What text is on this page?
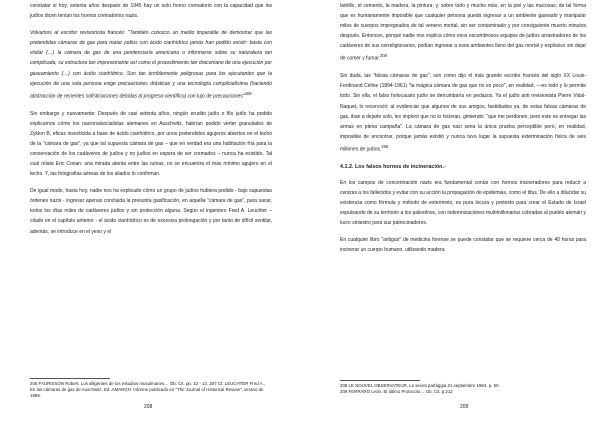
constatar sí hoy, setenta años después de 1945 hay un solo horno crematorio con la capacidad que los judíos dicen tenían los hornos crematorios nazis.

Volvamos al escritor revisionista francés: "También conozco un medio imparable de demostrar que las pretendidas cámaras de gas para matar judíos con ácido cianhídrico jamás han podido existir: basta con visitar (…) la cámara de gas de una penitenciaría americana o informarse sobre su naturaleza tan complicada, su estructura tan impresionante así como el procedimiento tan draconiano de una ejecución por gaseamiento (…) con ácido cianhídrico. Son tan terriblemente peligrosas para los ejecutantes que la ejecución de una sola persona exige precauciones drásticas y una tecnología complicadísima (haciendo abstracción de recientes sofisticaciones debidas al progreso científico) con lujo de precauciones"$^{206}$

Sin embargo y nuevamente: Después de casi setenta años, ningún erudito judío o filo judío ha podido explicarnos cómo los nacionalsocialistas alemanes en Auschwitz, habrían podido verter granulados de Zyklon B, eficaz insecticida a base de ácido cianhídrico, por unos pretendidos agujeros abiertos en el techo de la "cámara de gas", ya que tal supuesta cámara de gas – que en verdad era una habitación fría para la conservación de los cadáveres de judíos y no judíos en espera de ser cremados – nunca ha existido. Tal cual relata Eric Conan: una mirada atenta entre las ruinas, no se encuentra el más mínimo agujero en el techo. Y, las fotografías aéreas de los aliados lo confirman.

De igual modo, hasta hoy, nadie nos ha explicado cómo un grupo de judíos hubiera podido - bajo supuestas órdenes nazis - ingresar apenas concluida la presunta gasificación, en aquella "cámara de gas", para sacar, todos los días miles de cadáveres judíos y sin protección alguna. Según el ingeniero Fred A. Leuchter – citado en el capítulo anterior - el ácido cianhídrico es de excesiva prolongación y por tanto de difícil ventilar, además, se introduce en el yeso y el

206 FAURISSON Robert. Los alligentes de los estudios musulmanes… Ob. Cit. pp. 12 - 13. 207 Cf. LEUCHTER Fred A., En las cámaras de gas de Auschwitz, Ed. AMARGH. Informe publicado en "The Journal of Historical Review", verano de 1989.
208

ladrillo, el cemento, la madera, la pintura; y, sobre todo y mucho más, en la piel y las mucosas; de tal forma que es humanamente imposible que cualquier persona pueda ingresar a un ambiente gaseado y manipular miles de cuerpos impregnados de tal veneno mortal, sin ser contaminado y por consiguiente muerto minutos después. Entonces, porqué nadie nos explica cómo esos escombrosos equipos de judíos arrastradores de los cadáveres de sus correligionarios, podían ingresar a esos ambientes lleno del gas mortal y explosivo sin dejar de comer y fumar.$^{208}$

Sin duda, las "falsas cámaras de gas", son como dijo el más grande escritor francés del siglo XX Louis-Ferdinand Céline (1894-1961) "la mágica cámara de gas que no es poco", en realidad, —es todo y lo permite todo. Sin ella, el falso holocausto judío se derrumbaría en pedazos. Ya el judío anti revisionista Pierre Vidal-Naquet, lo reconoció: al evidenciar que algunos de sus amigos, fastidiados ya, de estas falsas cámaras de gas, iban a dejarle solo, les imploró que no lo hicieran, gimiendo: "que me perdonen, pero este es entregar las armas en plena campaña". La cámara de gas nazi seria la única prueba perceptible pero, en realidad, imposible de encontrar, porque jamás existió y nunca tuvo lugar la supuesta exterminación física de seis millones de judíos.$^{209}$

4.1.2. Los falsos hornos de incineración.-

En los campos de concentración nazis era fundamental contar con hornos incineradores para reducir a cenizas a los fallecidos y evitar con su acción la propagación de epidemias, como el tifus. De ello a dilucidar su existencia como fórmula y método de exterminio, es pura locura y pretexto para crear el Estado de Israel expulsando de su territorio a los palestinos, con indemnizaciones multimillonarias cobradas al pueblo alemán y lucro siniestro para sus patrocinadores.

En cualquier libro "antiguo" de medicina forense se puede constatar que se requiere cerca de 40 horas para incinerar un cuerpo humano, utilizando madera

208 LE NOUVEL OBSERVATEUR, Le seceti parfaggia 21 septiembre 1984, p. 60.
209 FERRARO León. El último Protocolo… Ob. Cit. p.212
209
